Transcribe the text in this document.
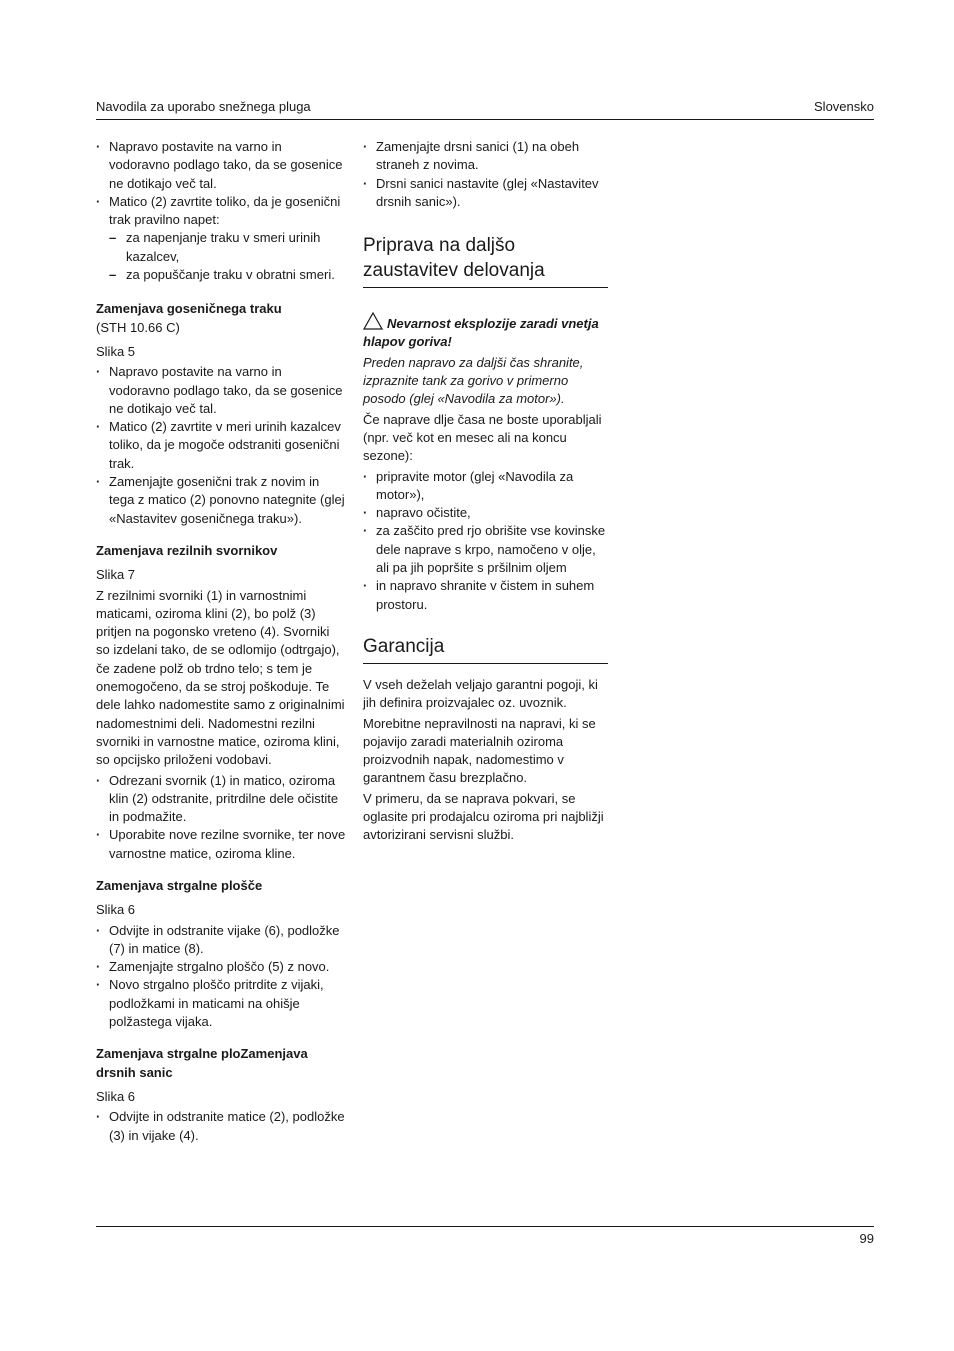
Navodila za uporabo snežnega pluga	Slovensko
· Napravo postavite na varno in vodoravno podlago tako, da se gosenice ne dotikajo več tal.
· Matico (2) zavrtite toliko, da je gosenični trak pravilno napet:
– za napenjanje traku v smeri urinih kazalcev,
– za popuščanje traku v obratni smeri.

Zamenjava goseničnega traku

(STH 10.66 C)

Slika 5

· Napravo postavite na varno in vodoravno podlago tako, da se gosenice ne dotikajo več tal.
· Matico (2) zavrtite v meri urinih kazalcev toliko, da je mogoče odstraniti gosenični trak.
· Zamenjajte gosenični trak z novim in tega z matico (2) ponovno nategnite (glej «Nastavitev goseničnega traku»).

Zamenjava rezilnih svornikov

Slika 7

Z rezilnimi svorniki (1) in varnostnimi maticami, oziroma klini (2), bo polž (3) pritjen na pogonsko vreteno (4). Svorniki so izdelani tako, de se odlomijo (odtrgajo), če zadene polž ob trdno telo; s tem je onemogočeno, da se stroj poškoduje. Te dele lahko nadomestite samo z originalnimi nadomestnimi deli. Nadomestni rezilni svorniki in varnostne matice, oziroma klini, so opcijsko priloženi vodobavi.

· Odrezani svornik (1) in matico, oziroma klin (2) odstranite, pritrdilne dele očistite in podmažite.
· Uporabite nove rezilne svornike, ter nove varnostne matice, oziroma kline.

Zamenjava strgalne plošče

Slika 6

· Odvijte in odstranite vijake (6), podložke (7) in matice (8).
· Zamenjajte strgalno ploščo (5) z novo.
· Novo strgalno ploščo pritrdite z vijaki, podložkami in maticami na ohišje polžastega vijaka.

Zamenjava strgalne ploZamenjava drsnih sanic

Slika 6

· Odvijte in odstranite matice (2), podložke (3) in vijake (4).
· Zamenjajte drsni sanici (1) na obeh straneh z novima.
· Drsni sanici nastavite (glej «Nastavitev drsnih sanic»).
Priprava na daljšo zaustavitev delovanja

Nevarnost eksplozije zaradi vnetja hlapov goriva!

Preden napravo za daljši čas shranite, izpraznite tank za gorivo v primerno posodo (glej «Navodila za motor»).

Če naprave dlje časa ne boste uporabljali (npr. več kot en mesec ali na koncu sezone):

· pripravite motor (glej «Navodila za motor»),
· napravo očistite,
· za zaščito pred rjo obrišite vse kovinske dele naprave s krpo, namočeno v olje, ali pa jih popršite s pršilnim oljem
· in napravo shranite v čistem in suhem prostoru.
Garancija

V vseh deželah veljajo garantni pogoji, ki jih definira proizvajalec oz. uvoznik.

Morebitne nepravilnosti na napravi, ki se pojavijo zaradi materialnih oziroma proizvodnih napak, nadomestimo v garantnem času brezplačno.

V primeru, da se naprava pokvari, se oglasite pri prodajalcu oziroma pri najbližji avtorizirani servisni službi.

99
